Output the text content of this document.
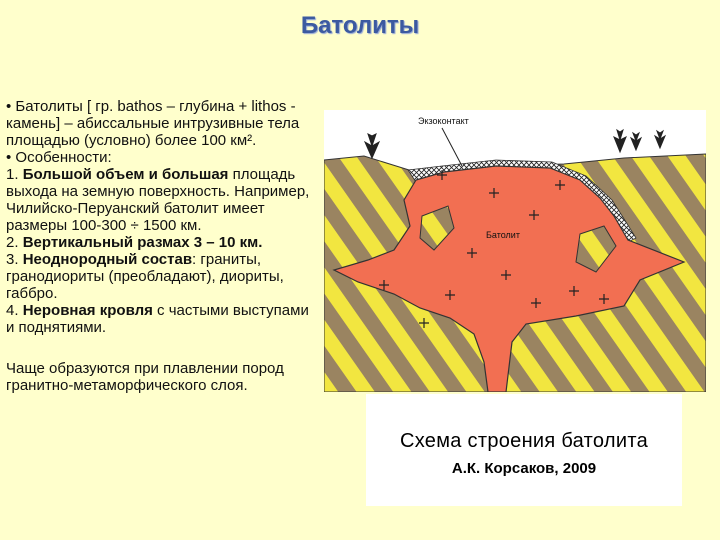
Батолиты

• Батолиты [ гр. bathos – глубина + lithos - камень] – абиссальные интрузивные тела площадью (условно) более 100 км².

• Особенности:

1. Большой объем и большая площадь выхода на земную поверхность. Например, Чилийско-Перуанский батолит имеет размеры 100-300 ÷ 1500 км.

2. Вертикальный размах 3 – 10 км.

3. Неоднородный состав: граниты, гранодиориты (преобладают), диориты, габбро.

4. Неровная кровля с частыми выступами и поднятиями.

Чаще образуются при плавлении пород гранитно-метаморфического слоя.

Экзоконтакт
Батолит
Схема строения батолита
А.К. Корсаков, 2009
